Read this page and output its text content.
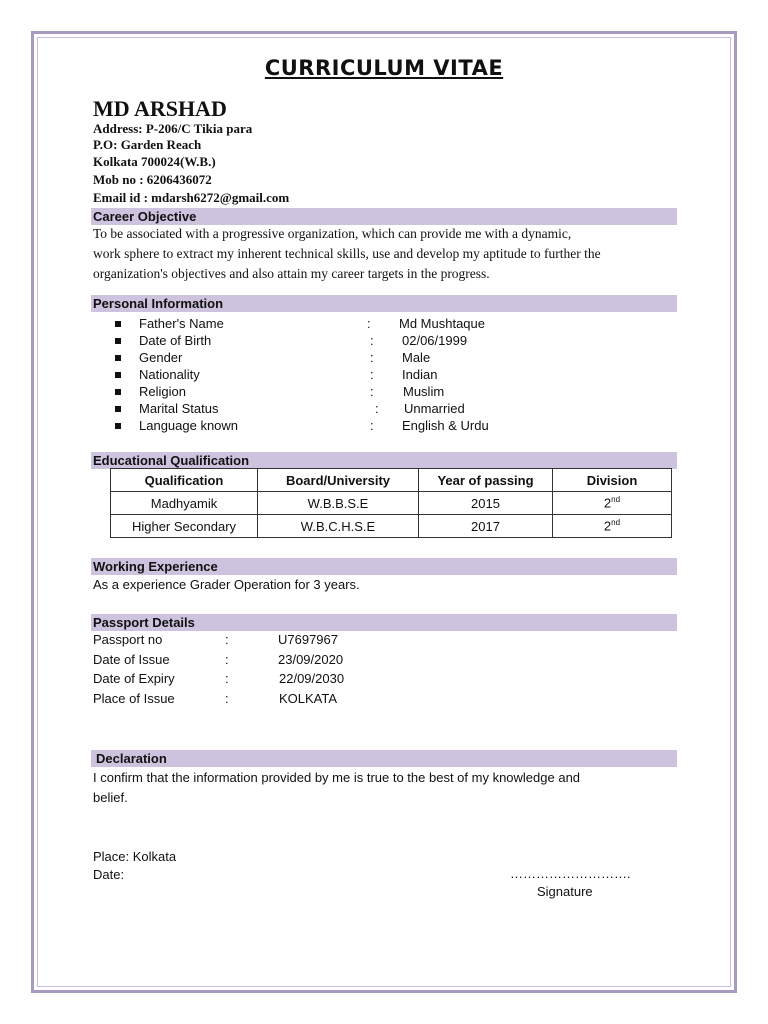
CURRICULUM VITAE
MD ARSHAD
Address: P-206/C Tikia para
P.O: Garden Reach
Kolkata 700024(W.B.)
Mob no : 6206436072
Email id : mdarsh6272@gmail.com
Career Objective
To be associated with a progressive organization, which can provide me with a dynamic,
work sphere to extract my inherent technical skills, use and develop my aptitude to further the
organization's objectives and also attain my career targets in the progress.
Personal Information
Father's Name	: Md Mushtaque
Date of Birth	: 02/06/1999
Gender	: Male
Nationality	: Indian
Religion	: Muslim
Marital Status	: Unmarried
Language known	: English & Urdu
Educational Qualification
Qualification	Board/University	Year of passing	Division
Madhyamik	W.B.B.S.E	2015	2nd
Higher Secondary	W.B.C.H.S.E	2017	2nd
Working Experience
As a experience Grader Operation for 3 years.
Passport Details
Passport no	:	U7697967
Date of Issue	:	23/09/2020
Date of Expiry	:	22/09/2030
Place of Issue	:	KOLKATA
Declaration
I confirm that the information provided by me is true to the best of my knowledge and
belief.
Place: Kolkata
Date:	……………………….
Signature
